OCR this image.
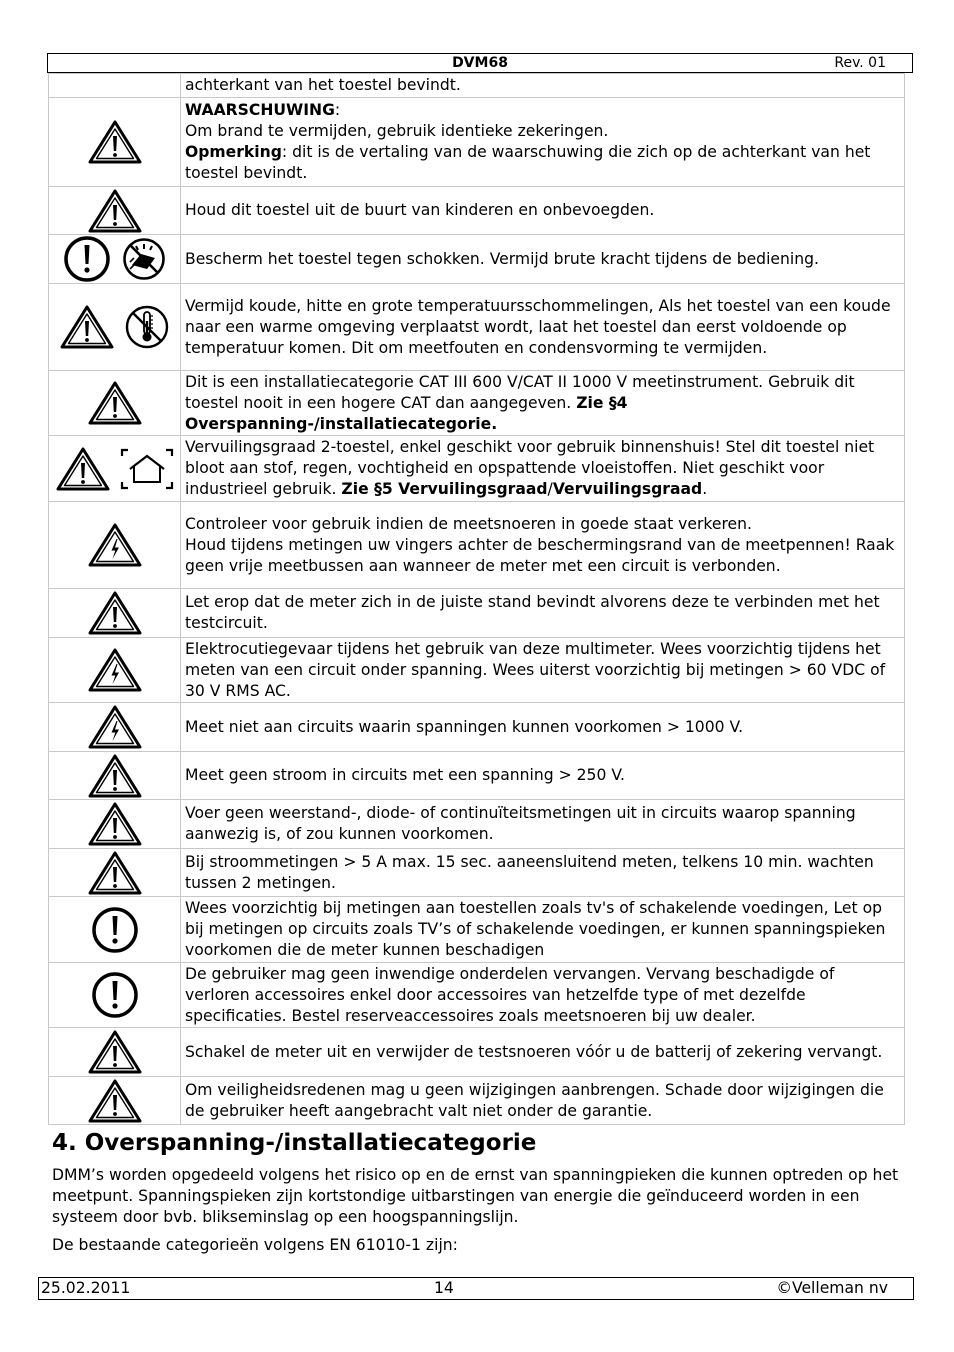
DVM68	Rev. 01
	achterkant van het toestel bevindt.

	WAARSCHUWING:
Om brand te vermijden, gebruik identieke zekeringen.
Opmerking: dit is de vertaling van de waarschuwing die zich op de achterkant van het toestel bevindt.

	Houd dit toestel uit de buurt van kinderen en onbevoegden.

	Bescherm het toestel tegen schokken. Vermijd brute kracht tijdens de bediening.

	Vermijd koude, hitte en grote temperatuursschommelingen, Als het toestel van een koude naar een warme omgeving verplaatst wordt, laat het toestel dan eerst voldoende op temperatuur komen. Dit om meetfouten en condensvorming te vermijden.

	Dit is een installatiecategorie CAT III 600 V/CAT II 1000 V meetinstrument. Gebruik dit toestel nooit in een hogere CAT dan aangegeven. Zie §4 Overspanning-/installatiecategorie.

	Vervuilingsgraad 2-toestel, enkel geschikt voor gebruik binnenshuis! Stel dit toestel niet bloot aan stof, regen, vochtigheid en opspattende vloeistoffen. Niet geschikt voor industrieel gebruik. Zie §5 Vervuilingsgraad/Vervuilingsgraad.

	Controleer voor gebruik indien de meetsnoeren in goede staat verkeren.
Houd tijdens metingen uw vingers achter de beschermingsrand van de meetpennen! Raak geen vrije meetbussen aan wanneer de meter met een circuit is verbonden.

	Let erop dat de meter zich in de juiste stand bevindt alvorens deze te verbinden met het testcircuit.

	Elektrocutiegevaar tijdens het gebruik van deze multimeter. Wees voorzichtig tijdens het meten van een circuit onder spanning. Wees uiterst voorzichtig bij metingen > 60 VDC of 30 V RMS AC.

	Meet niet aan circuits waarin spanningen kunnen voorkomen > 1000 V.

	Meet geen stroom in circuits met een spanning > 250 V.

	Voer geen weerstand-, diode- of continuïteitsmetingen uit in circuits waarop spanning aanwezig is, of zou kunnen voorkomen.

	Bij stroommetingen > 5 A max. 15 sec. aaneensluitend meten, telkens 10 min. wachten tussen 2 metingen.

	Wees voorzichtig bij metingen aan toestellen zoals tv's of schakelende voedingen, Let op bij metingen op circuits zoals TV’s of schakelende voedingen, er kunnen spanningspieken voorkomen die de meter kunnen beschadigen

	De gebruiker mag geen inwendige onderdelen vervangen. Vervang beschadigde of verloren accessoires enkel door accessoires van hetzelfde type of met dezelfde specificaties. Bestel reserveaccessoires zoals meetsnoeren bij uw dealer.

	Schakel de meter uit en verwijder de testsnoeren vóór u de batterij of zekering vervangt.

	Om veiligheidsredenen mag u geen wijzigingen aanbrengen. Schade door wijzigingen die de gebruiker heeft aangebracht valt niet onder de garantie.
4. Overspanning-/installatiecategorie

DMM’s worden opgedeeld volgens het risico op en de ernst van spanningpieken die kunnen optreden op het meetpunt. Spanningspieken zijn kortstondige uitbarstingen van energie die geïnduceerd worden in een systeem door bvb. blikseminslag op een hoogspanningslijn.

De bestaande categorieën volgens EN 61010-1 zijn:

25.02.2011	14	©Velleman nv
